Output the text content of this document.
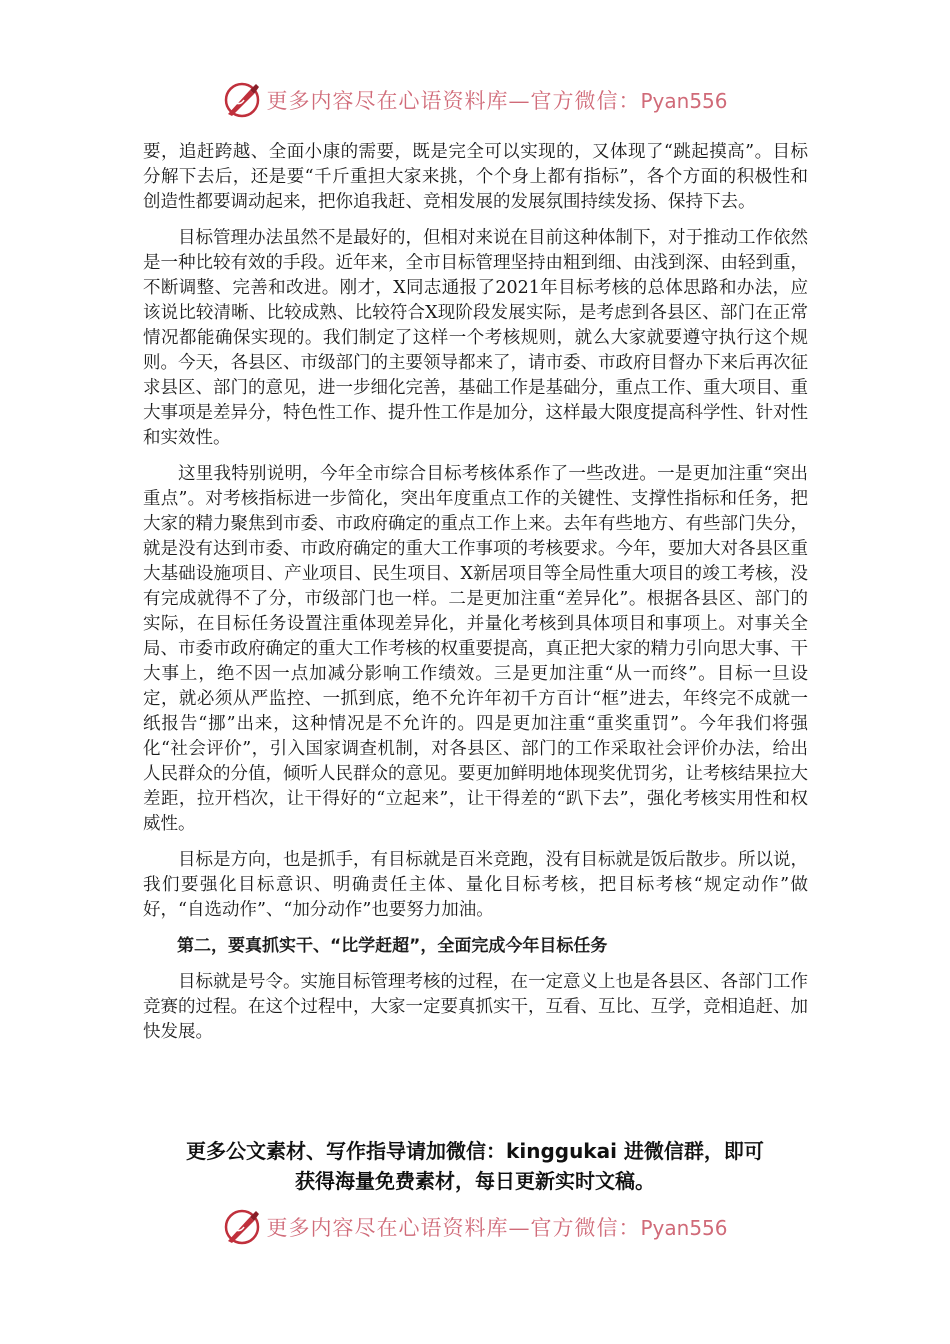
更多内容尽在心语资料库—官方微信：Pyan556

要，追赶跨越、全面小康的需要，既是完全可以实现的，又体现了“跳起摸高”。目标分解下去后，还是要“千斤重担大家来挑，个个身上都有指标”，各个方面的积极性和创造性都要调动起来，把你追我赶、竞相发展的发展氛围持续发扬、保持下去。

目标管理办法虽然不是最好的，但相对来说在目前这种体制下，对于推动工作依然是一种比较有效的手段。近年来，全市目标管理坚持由粗到细、由浅到深、由轻到重，不断调整、完善和改进。刚才，X同志通报了2021年目标考核的总体思路和办法，应该说比较清晰、比较成熟、比较符合X现阶段发展实际，是考虑到各县区、部门在正常情况都能确保实现的。我们制定了这样一个考核规则，就么大家就要遵守执行这个规则。今天，各县区、市级部门的主要领导都来了，请市委、市政府目督办下来后再次征求县区、部门的意见，进一步细化完善，基础工作是基础分，重点工作、重大项目、重大事项是差异分，特色性工作、提升性工作是加分，这样最大限度提高科学性、针对性和实效性。

这里我特别说明，今年全市综合目标考核体系作了一些改进。一是更加注重“突出重点”。对考核指标进一步简化，突出年度重点工作的关键性、支撑性指标和任务，把大家的精力聚焦到市委、市政府确定的重点工作上来。去年有些地方、有些部门失分，就是没有达到市委、市政府确定的重大工作事项的考核要求。今年，要加大对各县区重大基础设施项目、产业项目、民生项目、X新居项目等全局性重大项目的竣工考核，没有完成就得不了分，市级部门也一样。二是更加注重“差异化”。根据各县区、部门的实际，在目标任务设置注重体现差异化，并量化考核到具体项目和事项上。对事关全局、市委市政府确定的重大工作考核的权重要提高，真正把大家的精力引向思大事、干大事上，绝不因一点加减分影响工作绩效。三是更加注重“从一而终”。目标一旦设定，就必须从严监控、一抓到底，绝不允许年初千方百计“框”进去，年终完不成就一纸报告“挪”出来，这种情况是不允许的。四是更加注重“重奖重罚”。今年我们将强化“社会评价”，引入国家调查机制，对各县区、部门的工作采取社会评价办法，给出人民群众的分值，倾听人民群众的意见。要更加鲜明地体现奖优罚劣，让考核结果拉大差距，拉开档次，让干得好的“立起来”，让干得差的“趴下去”，强化考核实用性和权威性。

目标是方向，也是抓手，有目标就是百米竞跑，没有目标就是饭后散步。所以说，我们要强化目标意识、明确责任主体、量化目标考核，把目标考核“规定动作”做好，“自选动作”、“加分动作”也要努力加油。

第二，要真抓实干、“比学赶超”，全面完成今年目标任务

目标就是号令。实施目标管理考核的过程，在一定意义上也是各县区、各部门工作竞赛的过程。在这个过程中，大家一定要真抓实干，互看、互比、互学，竞相追赶、加快发展。

更多公文素材、写作指导请加微信：kinggukai 进微信群，即可
获得海量免费素材，每日更新实时文稿。
更多内容尽在心语资料库—官方微信：Pyan556
